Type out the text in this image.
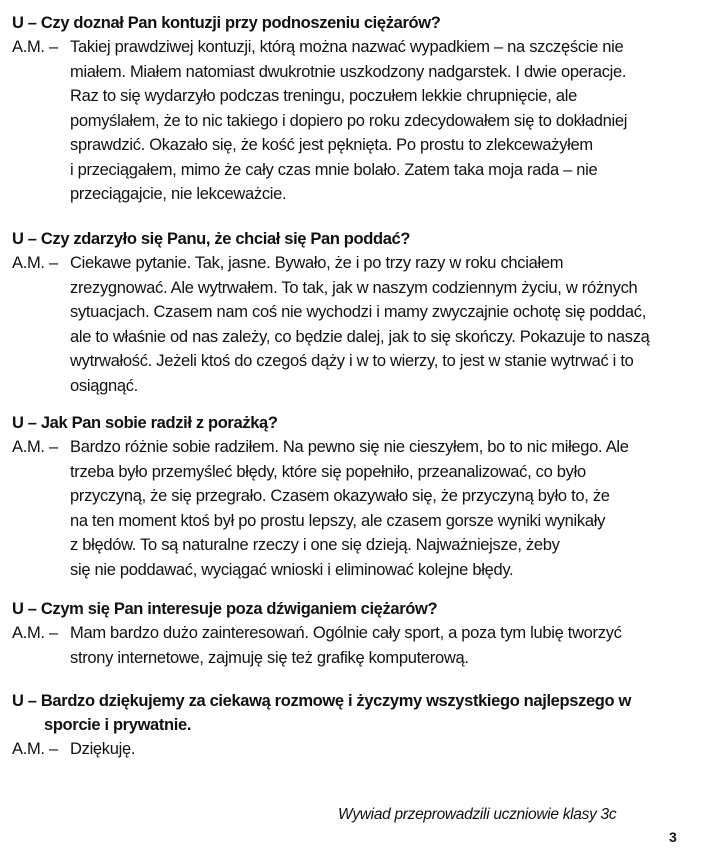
U – Czy doznał Pan kontuzji przy podnoszeniu ciężarów?
A.M. – Takiej prawdziwej kontuzji, którą można nazwać wypadkiem – na szczęście nie
miałem. Miałem natomiast dwukrotnie uszkodzony nadgarstek. I dwie operacje.
Raz to się wydarzyło podczas treningu, poczułem lekkie chrupnięcie, ale
pomyślałem, że to nic takiego i dopiero po roku zdecydowałem się to dokładniej
sprawdzić. Okazało się, że kość jest pęknięta. Po prostu to zlekceważyłem
i przeciągałem, mimo że cały czas mnie bolało. Zatem taka moja rada – nie
przeciągajcie, nie lekceważcie.
U – Czy zdarzyło się Panu, że chciał się Pan poddać?
A.M. – Ciekawe pytanie. Tak, jasne. Bywało, że i po trzy razy w roku chciałem
zrezygnować. Ale wytrwałem. To tak, jak w naszym codziennym życiu, w różnych
sytuacjach. Czasem nam coś nie wychodzi i mamy zwyczajnie ochotę się poddać,
ale to właśnie od nas zależy, co będzie dalej, jak to się skończy. Pokazuje to naszą
wytrwałość. Jeżeli ktoś do czegoś dąży i w to wierzy, to jest w stanie wytrwać i to
osiągnąć.
U – Jak Pan sobie radził z porażką?
A.M. – Bardzo różnie sobie radziłem. Na pewno się nie cieszyłem, bo to nic miłego. Ale
trzeba było przemyśleć błędy, które się popełniło, przeanalizować, co było
przyczyną, że się przegrało. Czasem okazywało się, że przyczyną było to, że
na ten moment ktoś był po prostu lepszy, ale czasem gorsze wyniki wynikały
z błędów. To są naturalne rzeczy i one się dzieją. Najważniejsze, żeby
się nie poddawać, wyciągać wnioski i eliminować kolejne błędy.
U – Czym się Pan interesuje poza dźwiganiem ciężarów?
A.M. – Mam bardzo dużo zainteresowań. Ogólnie cały sport, a poza tym lubię tworzyć
strony internetowe, zajmuję się też grafikę komputerową.
U – Bardzo dziękujemy za ciekawą rozmowę i życzymy wszystkiego najlepszego w
sporcie i prywatnie.
A.M. – Dziękuję.
Wywiad przeprowadzili uczniowie klasy 3c
3
